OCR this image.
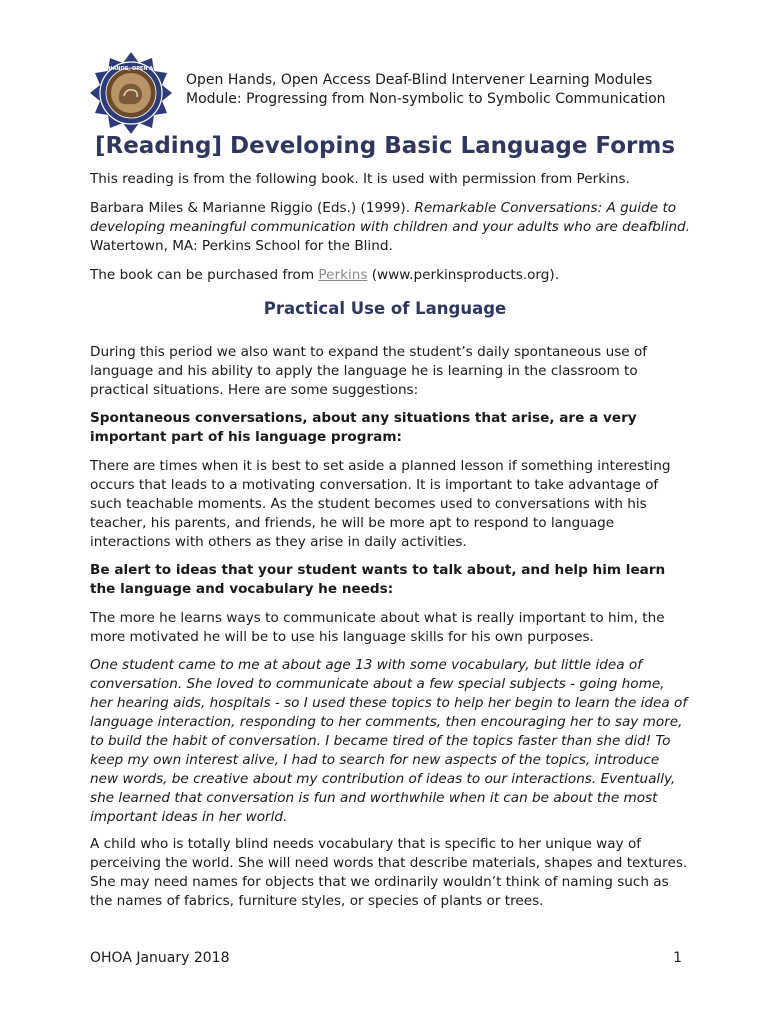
OPEN HANDS, OPEN ACCESS
Open Hands, Open Access Deaf-Blind Intervener Learning Modules
Module: Progressing from Non-symbolic to Symbolic Communication
[Reading] Developing Basic Language Forms
This reading is from the following book. It is used with permission from Perkins.
Barbara Miles & Marianne Riggio (Eds.) (1999). Remarkable Conversations: A guide to developing meaningful communication with children and your adults who are deafblind. Watertown, MA: Perkins School for the Blind.
The book can be purchased from Perkins (www.perkinsproducts.org).
Practical Use of Language
During this period we also want to expand the student’s daily spontaneous use of language and his ability to apply the language he is learning in the classroom to practical situations. Here are some suggestions:
Spontaneous conversations, about any situations that arise, are a very important part of his language program:
There are times when it is best to set aside a planned lesson if something interesting occurs that leads to a motivating conversation. It is important to take advantage of such teachable moments. As the student becomes used to conversations with his teacher, his parents, and friends, he will be more apt to respond to language interactions with others as they arise in daily activities.
Be alert to ideas that your student wants to talk about, and help him learn the language and vocabulary he needs:
The more he learns ways to communicate about what is really important to him, the more motivated he will be to use his language skills for his own purposes.
One student came to me at about age 13 with some vocabulary, but little idea of conversation. She loved to communicate about a few special subjects - going home, her hearing aids, hospitals - so I used these topics to help her begin to learn the idea of language interaction, responding to her comments, then encouraging her to say more, to build the habit of conversation. I became tired of the topics faster than she did! To keep my own interest alive, I had to search for new aspects of the topics, introduce new words, be creative about my contribution of ideas to our interactions. Eventually, she learned that conversation is fun and worthwhile when it can be about the most important ideas in her world.
A child who is totally blind needs vocabulary that is specific to her unique way of perceiving the world. She will need words that describe materials, shapes and textures. She may need names for objects that we ordinarily wouldn’t think of naming such as the names of fabrics, furniture styles, or species of plants or trees.
OHOA January 2018	1
